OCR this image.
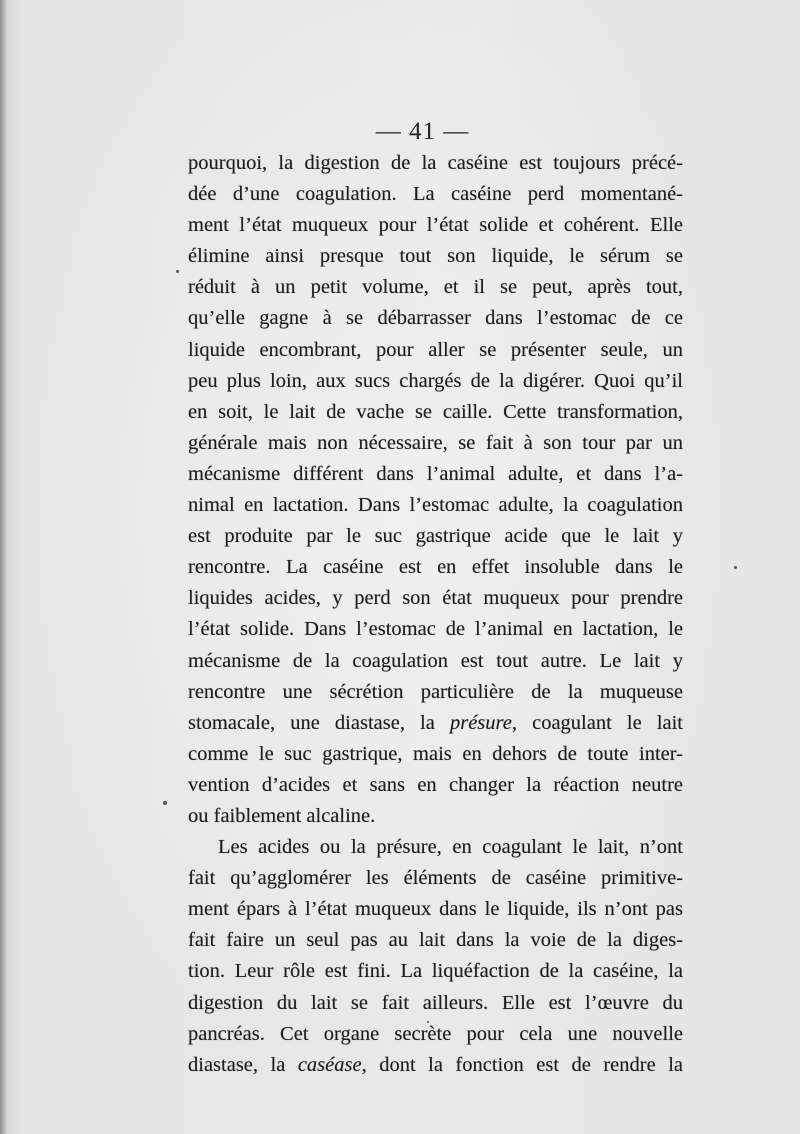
— 41 —
pourquoi, la digestion de la caséine est toujours précé-
dée d’une coagulation. La caséine perd momentané-
ment l’état muqueux pour l’état solide et cohérent. Elle
élimine ainsi presque tout son liquide, le sérum se
réduit à un petit volume, et il se peut, après tout,
qu’elle gagne à se débarrasser dans l’estomac de ce
liquide encombrant, pour aller se présenter seule, un
peu plus loin, aux sucs chargés de la digérer. Quoi qu’il
en soit, le lait de vache se caille. Cette transformation,
générale mais non nécessaire, se fait à son tour par un
mécanisme différent dans l’animal adulte, et dans l’a-
nimal en lactation. Dans l’estomac adulte, la coagulation
est produite par le suc gastrique acide que le lait y
rencontre. La caséine est en effet insoluble dans le
liquides acides, y perd son état muqueux pour prendre
l’état solide. Dans l’estomac de l’animal en lactation, le
mécanisme de la coagulation est tout autre. Le lait y
rencontre une sécrétion particulière de la muqueuse
stomacale, une diastase, la présure, coagulant le lait
comme le suc gastrique, mais en dehors de toute inter-
vention d’acides et sans en changer la réaction neutre
ou faiblement alcaline.
Les acides ou la présure, en coagulant le lait, n’ont
fait qu’agglomérer les éléments de caséine primitive-
ment épars à l’état muqueux dans le liquide, ils n’ont pas
fait faire un seul pas au lait dans la voie de la diges-
tion. Leur rôle est fini. La liquéfaction de la caséine, la
digestion du lait se fait ailleurs. Elle est l’œuvre du
pancréas. Cet organe secrète pour cela une nouvelle
diastase, la caséase, dont la fonction est de rendre la
